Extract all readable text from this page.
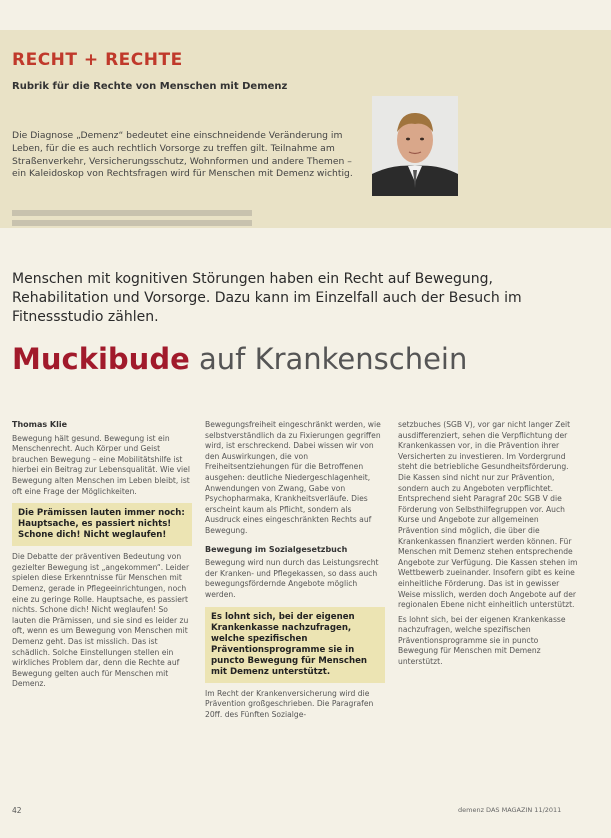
RECHT + RECHTE
Rubrik für die Rechte von Menschen mit Demenz
Die Diagnose „Demenz“ bedeutet eine einschneidende Veränderung im Leben, für die es auch rechtlich Vorsorge zu treffen gilt. Teilnahme am Straßenverkehr, Versicherungsschutz, Wohnformen und andere Themen – ein Kaleidoskop von Rechtsfragen wird für Menschen mit Demenz wichtig.
Menschen mit kognitiven Störungen haben ein Recht auf Bewegung, Rehabilitation und Vorsorge. Dazu kann im Einzelfall auch der Besuch im Fitnessstudio zählen.
Muckibude auf Krankenschein
Thomas Klie

Bewegung hält gesund. Bewegung ist ein Menschenrecht. Auch Körper und Geist brauchen Bewegung – eine Mobilitätshilfe ist hierbei ein Beitrag zur Lebensqualität. Wie viel Bewegung alten Menschen im Leben bleibt, ist oft eine Frage der Möglichkeiten.

Die Prämissen lauten immer noch: Hauptsache, es passiert nichts! Schone dich! Nicht weglaufen!

Die Debatte der präventiven Bedeutung von gezielter Bewegung ist „angekommen“. Leider spielen diese Erkenntnisse für Menschen mit Demenz, gerade in Pflegeeinrichtungen, noch eine zu geringe Rolle. Hauptsache, es passiert nichts. Schone dich! Nicht weglaufen! So lauten die Prämissen, und sie sind es leider zu oft, wenn es um Bewegung von Menschen mit Demenz geht. Das ist misslich. Das ist schädlich. Solche Einstellungen stellen ein wirkliches Problem dar, denn die Rechte auf Bewegung gelten auch für Menschen mit Demenz.

Bewegungsfreiheit eingeschränkt werden, wie selbstverständlich da zu Fixierungen gegriffen wird, ist erschreckend. Dabei wissen wir von den Auswirkungen, die von Freiheitsentziehungen für die Betroffenen ausgehen: deutliche Niedergeschlagenheit, Anwendungen von Zwang, Gabe von Psychopharmaka, Krankheitsverläufe. Dies erscheint kaum als Pflicht, sondern als Ausdruck eines eingeschränkten Rechts auf Bewegung.

Bewegung im Sozialgesetzbuch

Bewegung wird nun durch das Leistungsrecht der Kranken- und Pflegekassen, so dass auch bewegungsfördernde Angebote möglich werden.

Es lohnt sich, bei der eigenen Krankenkasse nachzufragen, welche spezifischen Präventionsprogramme sie in puncto Bewegung für Menschen mit Demenz unterstützt.

Im Recht der Krankenversicherung wird die Prävention großgeschrieben. Die Paragrafen 20ff. des Fünften Sozialge-

setzbuches (SGB V), vor gar nicht langer Zeit ausdifferenziert, sehen die Verpflichtung der Krankenkassen vor, in die Prävention ihrer Versicherten zu investieren. Im Vordergrund steht die betriebliche Gesundheitsförderung. Die Kassen sind nicht nur zur Prävention, sondern auch zu Angeboten verpflichtet. Entsprechend sieht Paragraf 20c SGB V die Förderung von Selbsthilfegruppen vor. Auch Kurse und Angebote zur allgemeinen Prävention sind möglich, die über die Krankenkassen finanziert werden können. Für Menschen mit Demenz stehen entsprechende Angebote zur Verfügung. Die Kassen stehen im Wettbewerb zueinander. Insofern gibt es keine einheitliche Förderung. Das ist in gewisser Weise misslich, werden doch Angebote auf der regionalen Ebene nicht einheitlich unterstützt.

Es lohnt sich, bei der eigenen Krankenkasse nachzufragen, welche spezifischen Präventionsprogramme sie in puncto Bewegung für Menschen mit Demenz unterstützt.

42	demenz DAS MAGAZIN 11/2011
